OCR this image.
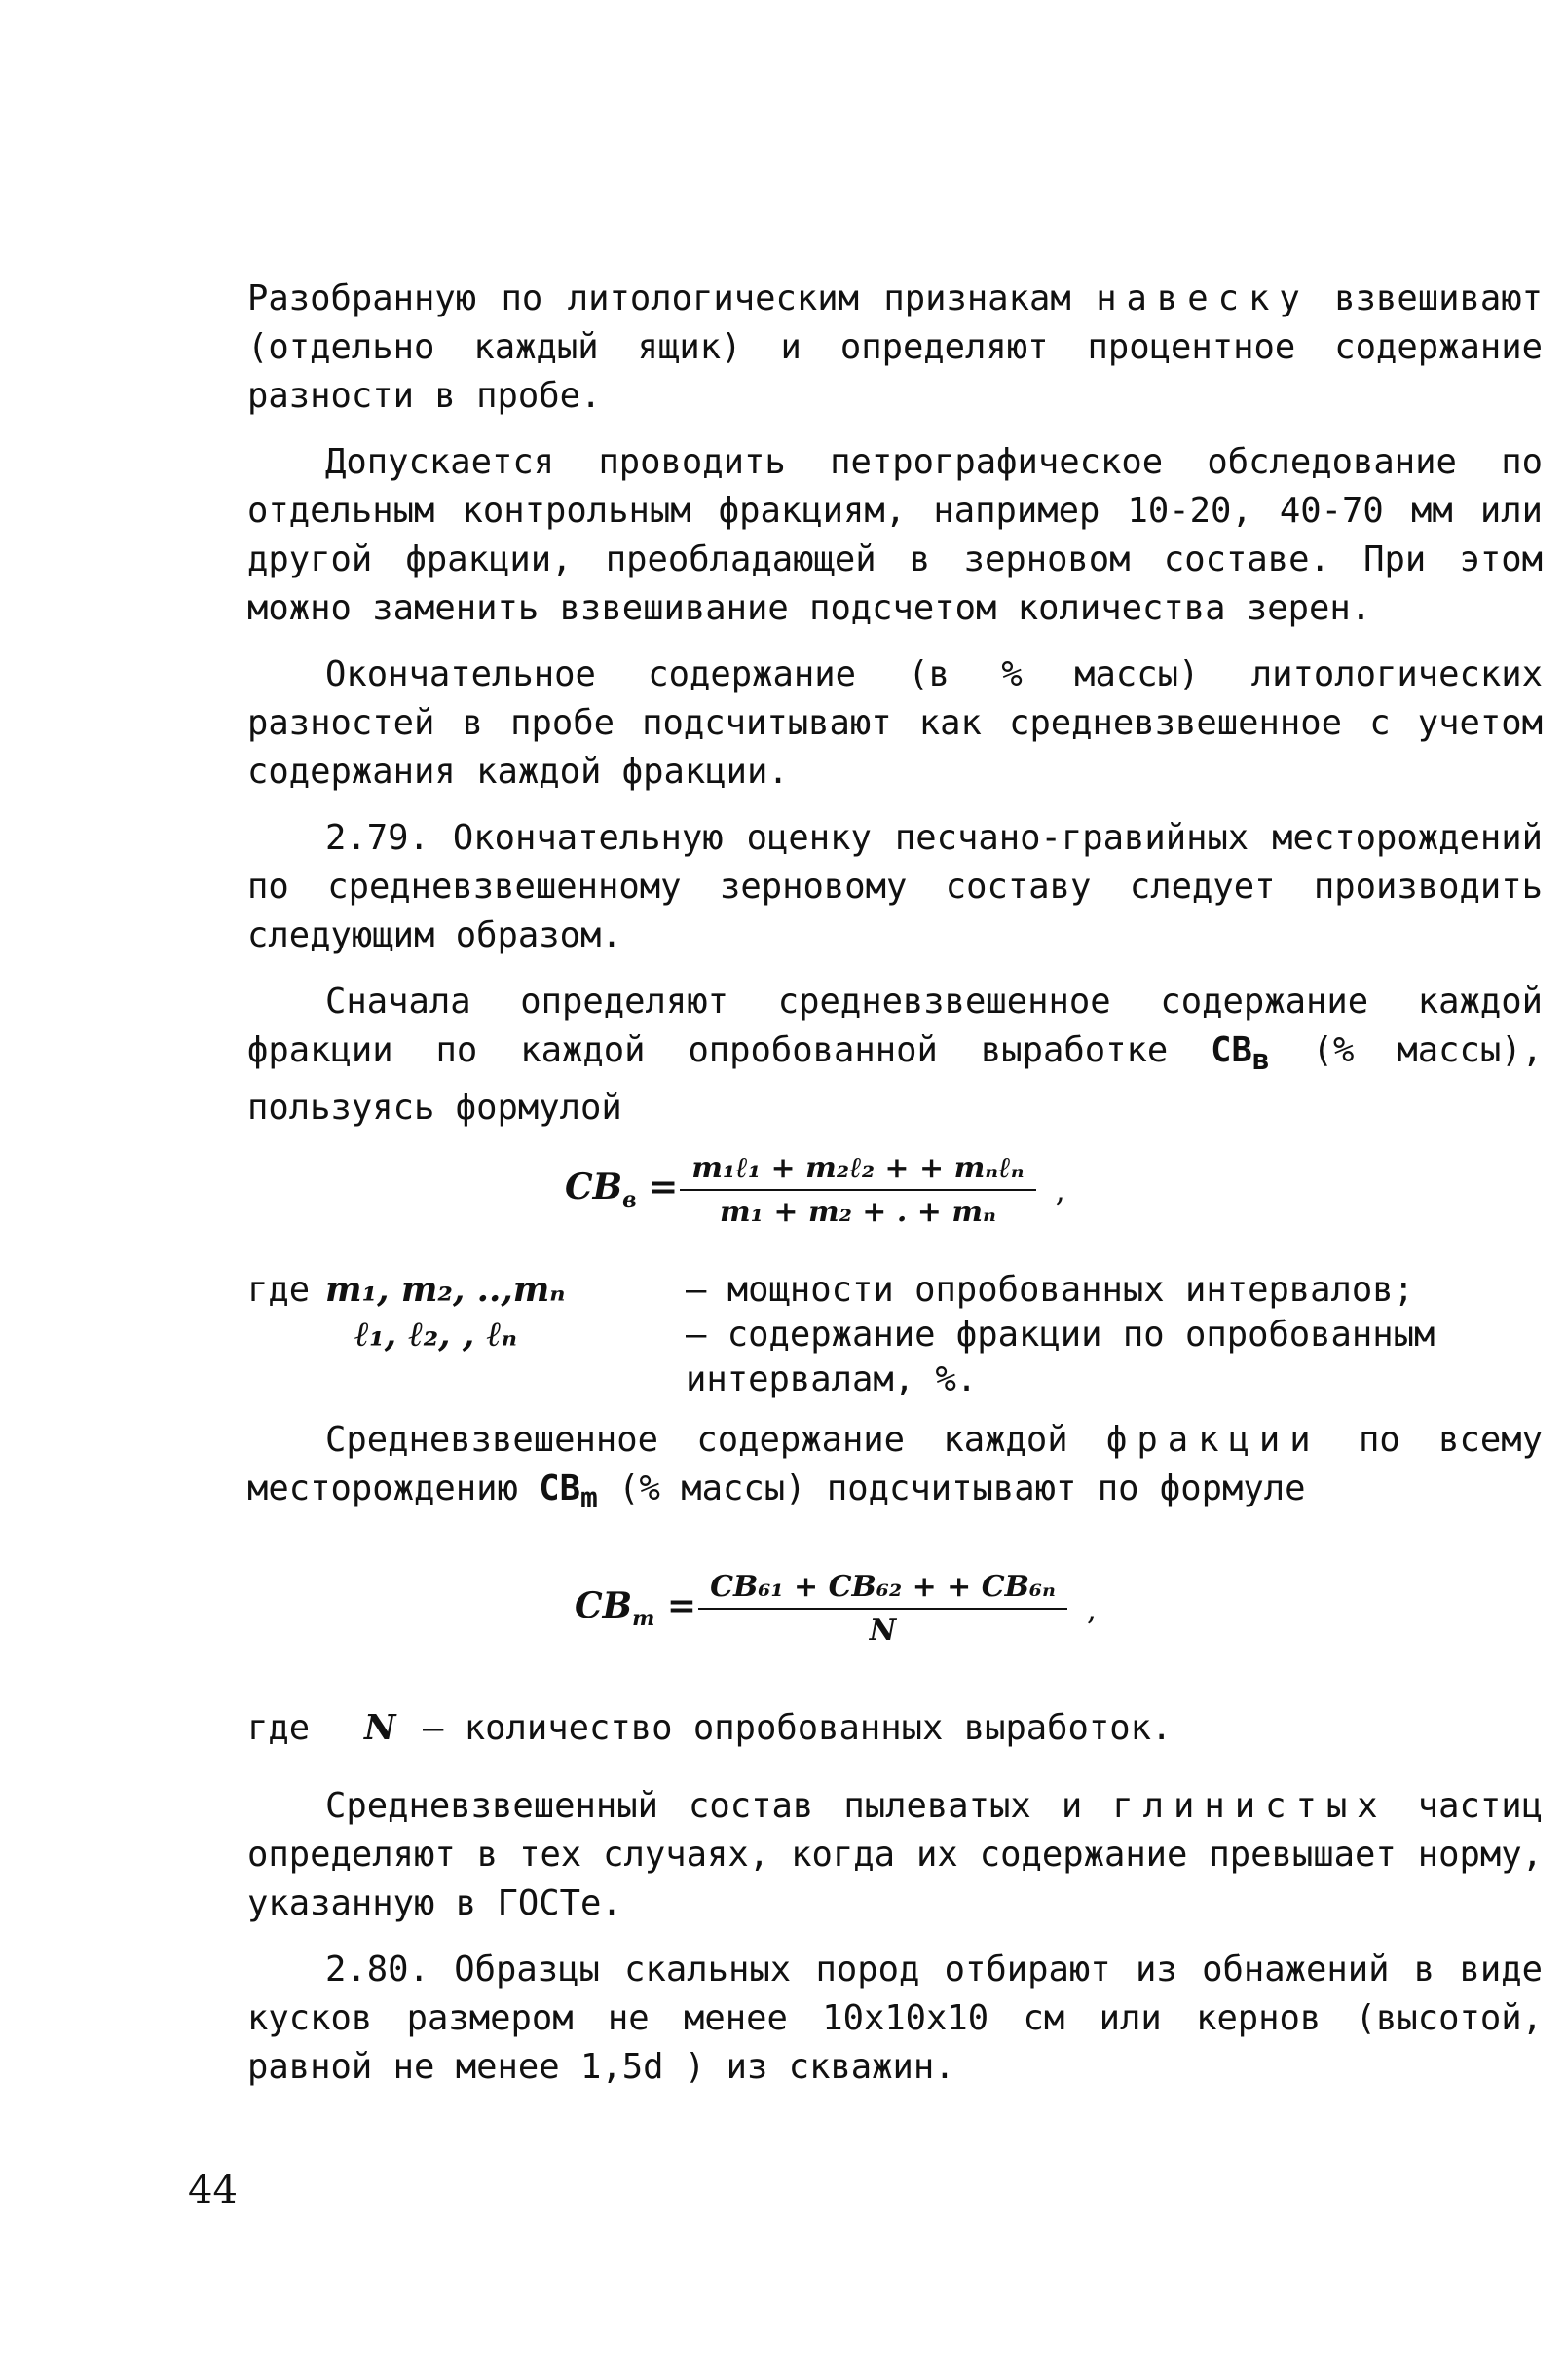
Разобранную по литологическим признакам навеску взвешивают (отдельно каждый ящик) и определяют процентное содержание разности в пробе.

Допускается проводить петрографическое обследование по отдельным контрольным фракциям, например 10-20, 40-70 мм или другой фракции, преобладающей в зерновом составе. При этом можно заменить взвешивание подсчетом количества зерен.

Окончательное содержание (в % массы) литологических разностей в пробе подсчитывают как средневзвешенное с учетом содержания каждой фракции.

2.79. Окончательную оценку песчано-гравийных месторождений по средневзвешенному зерновому составу следует производить следующим образом.

Сначала определяют средневзвешенное содержание каждой фракции по каждой опробованной выработке $CB_в$ (% массы), пользуясь формулой

$CB_в = \frac{\text{m₁ℓ₁ + m₂ℓ₂ + + mₙℓₙ}}{\text{m₁ + m₂ + . + mₙ}}$ ,
где m₁, m₂, ..,mₙ	– мощности опробованных интервалов;
ℓ₁, ℓ₂, , ℓₙ	– содержание фракции по опробованным интервалам, %.

Средневзвешенное содержание каждой фракции по всему месторождению $CB_m$ (% массы) подсчитывают по формуле

$CB_m = \frac{\text{CB₆₁ + CB₆₂ + + CB₆ₙ}}{N}$ ,
где	N – количество опробованных выработок.

Средневзвешенный состав пылеватых и глинистых частиц определяют в тех случаях, когда их содержание превышает норму, указанную в ГОСТе.

2.80. Образцы скальных пород отбирают из обнажений в виде кусков размером не менее 10x10x10 см или кернов (высотой, равной не менее 1,5d ) из скважин.

44
